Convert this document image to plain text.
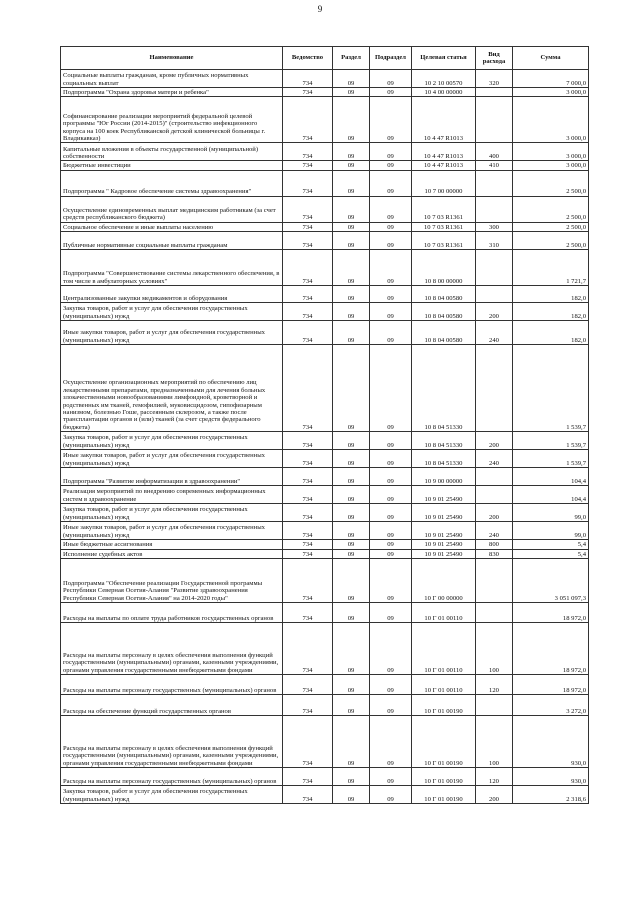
9
Наименование	Ведомство	Раздел	Подраздел	Целевая статья	Вид расхода	Сумма
Социальные выплаты гражданам, кроме публичных нормативных социальных выплат	734	09	09	10 2 10 00570	320	7 000,0
Подпрограмма "Охрана здоровья матери и ребенка"	734	09	09	10 4 00 00000		3 000,0
Софинансирование реализации мероприятий федеральной целевой программы "Юг России (2014-2015)" (строительство инфекционного корпуса на 100 коек Республиканской детской клинической больницы г. Владикавказ)	734	09	09	10 4 47 R1013		3 000,0
Капитальные вложения в объекты государственной (муниципальной) собственности	734	09	09	10 4 47 R1013	400	3 000,0
Бюджетные инвестиции	734	09	09	10 4 47 R1013	410	3 000,0
Подпрограмма " Кадровое обеспечение системы здравоохранения"	734	09	09	10 7 00 00000		2 500,0
Осуществление единовременных выплат медицинским работникам (за счет средств республиканского бюджета)	734	09	09	10 7 03 R1361		2 500,0
Социальное обеспечение и иные выплаты населению	734	09	09	10 7 03 R1361	300	2 500,0
Публичные нормативные социальные выплаты гражданам	734	09	09	10 7 03 R1361	310	2 500,0
Подпрограмма "Совершенствование системы лекарственного обеспечения, в том числе в амбулаторных условиях"	734	09	09	10 8 00 00000		1 721,7
Централизованные закупки медикаментов и оборудования	734	09	09	10 8 04 00580		182,0
Закупка товаров, работ и услуг для обеспечения государственных (муниципальных) нужд	734	09	09	10 8 04 00580	200	182,0
Иные закупки товаров, работ и услуг для обеспечения государственных (муниципальных) нужд	734	09	09	10 8 04 00580	240	182,0
Осуществление организационных мероприятий по обеспечению лиц лекарственными препаратами, предназначенными для лечения больных злокачественными новообразованиями лимфоидной, кроветворной и родственных им тканей, гемофилией, муковисцидозом, гипофизарным нанизмом, болезнью Гоше, рассеянным склерозом, а также после трансплантации органов и (или) тканей (за счет средств федерального бюджета)	734	09	09	10 8 04 51330		1 539,7
Закупка товаров, работ и услуг для обеспечения государственных (муниципальных) нужд	734	09	09	10 8 04 51330	200	1 539,7
Иные закупки товаров, работ и услуг для обеспечения государственных (муниципальных) нужд	734	09	09	10 8 04 51330	240	1 539,7
Подпрограмма "Развитие информатизации в здравоохранении"	734	09	09	10 9 00 00000		104,4
Реализация мероприятий по внедрению современных информационных систем в здравоохранение	734	09	09	10 9 01 25490		104,4
Закупка товаров, работ и услуг для обеспечения государственных (муниципальных) нужд	734	09	09	10 9 01 25490	200	99,0
Иные закупки товаров, работ и услуг для обеспечения государственных (муниципальных) нужд	734	09	09	10 9 01 25490	240	99,0
Иные бюджетные ассигнования	734	09	09	10 9 01 25490	800	5,4
Исполнение судебных актов	734	09	09	10 9 01 25490	830	5,4
Подпрограмма "Обеспечение реализации Государственной программы Республики Северная Осетия-Алания "Развитие здравоохранения Республики Северная Осетия-Алания" на 2014-2020 годы"	734	09	09	10 Г 00 00000		3 051 097,3
Расходы на выплаты по оплате труда работников государственных органов	734	09	09	10 Г 01 00110		18 972,0
Расходы на выплаты персоналу в целях обеспечения выполнения функций государственными (муниципальными) органами, казенными учреждениями, органами управления государственными внебюджетными фондами	734	09	09	10 Г 01 00110	100	18 972,0
Расходы на выплаты персоналу государственных (муниципальных) органов	734	09	09	10 Г 01 00110	120	18 972,0
Расходы на обеспечение функций государственных органов	734	09	09	10 Г 01 00190		3 272,0
Расходы на выплаты персоналу в целях обеспечения выполнения функций государственными (муниципальными) органами, казенными учреждениями, органами управления государственными внебюджетными фондами	734	09	09	10 Г 01 00190	100	930,0
Расходы на выплаты персоналу государственных (муниципальных) органов	734	09	09	10 Г 01 00190	120	930,0
Закупка товаров, работ и услуг для обеспечения государственных (муниципальных) нужд	734	09	09	10 Г 01 00190	200	2 318,6
